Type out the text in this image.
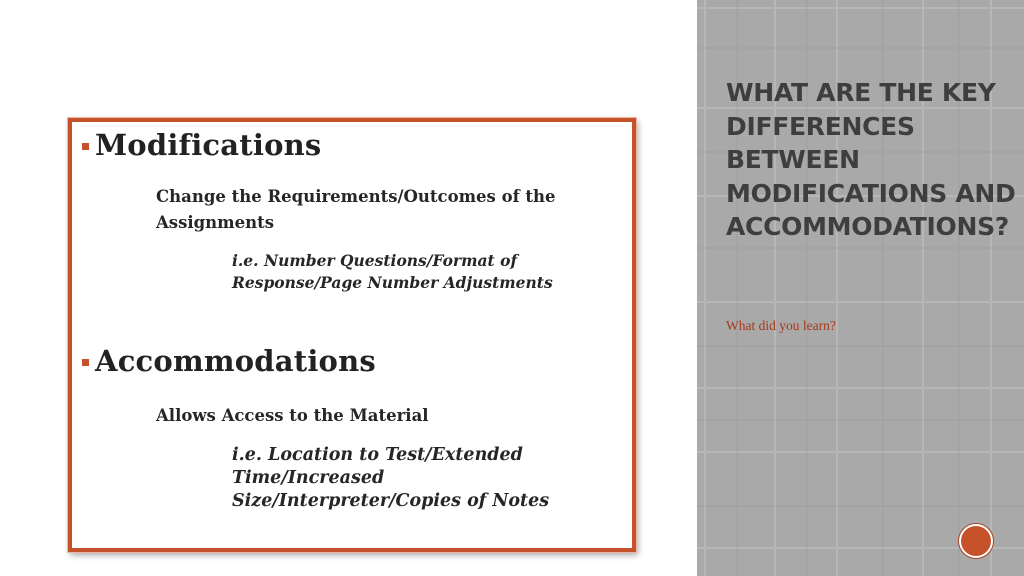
Modifications
Change the Requirements/Outcomes of the Assignments
i.e. Number Questions/Format of Response/Page Number Adjustments
Accommodations
Allows Access to the Material
i.e. Location to Test/Extended Time/Increased Size/Interpreter/Copies of Notes
WHAT ARE THE KEY DIFFERENCES BETWEEN MODIFICATIONS AND ACCOMMODATIONS?
What did you learn?
